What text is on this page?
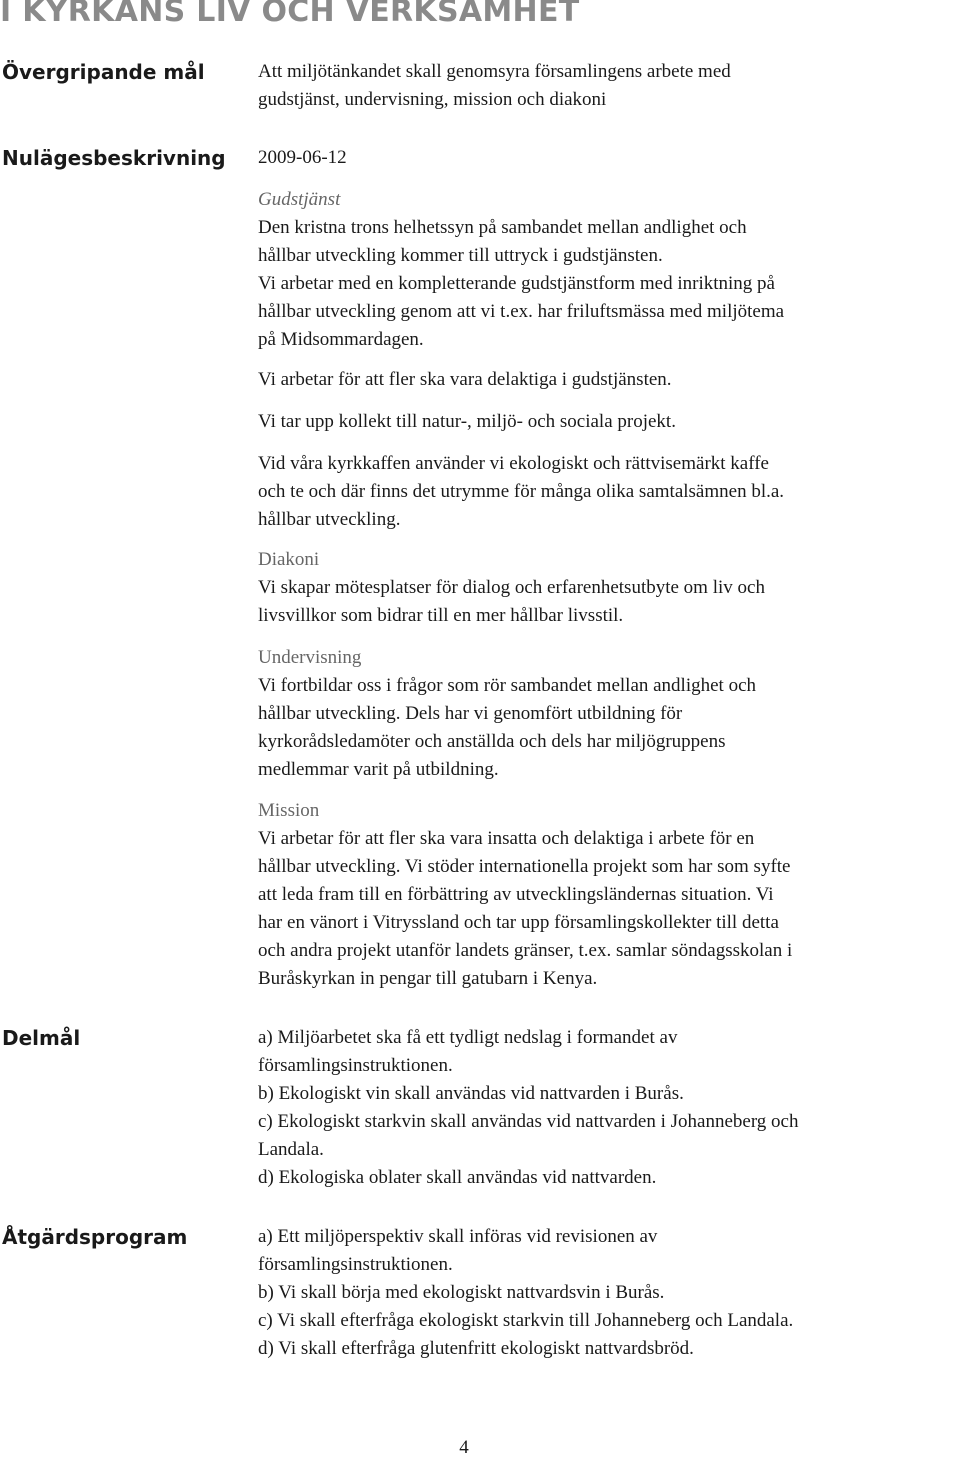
I KYRKANS LIV OCH VERKSAMHET
Övergripande mål	Att miljötänkandet skall genomsyra församlingens arbete med

gudstjänst, undervisning, mission och diakoni

Nulägesbeskrivning 2009-06-12

Gudstjänst

Den kristna trons helhetssyn på sambandet mellan andlighet och

hållbar utveckling kommer till uttryck i gudstjänsten.

Vi arbetar med en kompletterande gudstjänstform med inriktning på

hållbar utveckling genom att vi t.ex. har friluftsmässa med miljötema

på Midsommardagen.

Vi arbetar för att fler ska vara delaktiga i gudstjänsten.

Vi tar upp kollekt till natur-, miljö- och sociala projekt.

Vid våra kyrkkaffen använder vi ekologiskt och rättvisemärkt kaffe

och te och där finns det utrymme för många olika samtalsämnen bl.a.

hållbar utveckling.

Diakoni

Vi skapar mötesplatser för dialog och erfarenhetsutbyte om liv och

livsvillkor som bidrar till en mer hållbar livsstil.

Undervisning

Vi fortbildar oss i frågor som rör sambandet mellan andlighet och

hållbar utveckling. Dels har vi genomfört utbildning för

kyrkorådsledamöter och anställda och dels har miljögruppens

medlemmar varit på utbildning.

Mission

Vi arbetar för att fler ska vara insatta och delaktiga i arbete för en

hållbar utveckling. Vi stöder internationella projekt som har som syfte

att leda fram till en förbättring av utvecklingsländernas situation. Vi

har en vänort i Vitryssland och tar upp församlingskollekter till detta

och andra projekt utanför landets gränser, t.ex. samlar söndagsskolan i

Buråskyrkan in pengar till gatubarn i Kenya.

Delmål	a) Miljöarbetet ska få ett tydligt nedslag i formandet av

församlingsinstruktionen.

b) Ekologiskt vin skall användas vid nattvarden i Burås.

c) Ekologiskt starkvin skall användas vid nattvarden i Johanneberg och

Landala.

d) Ekologiska oblater skall användas vid nattvarden.

Åtgärdsprogram	a) Ett miljöperspektiv skall införas vid revisionen av

församlingsinstruktionen.

b) Vi skall börja med ekologiskt nattvardsvin i Burås.

c) Vi skall efterfråga ekologiskt starkvin till Johanneberg och Landala.

d) Vi skall efterfråga glutenfritt ekologiskt nattvardsbröd.

4
